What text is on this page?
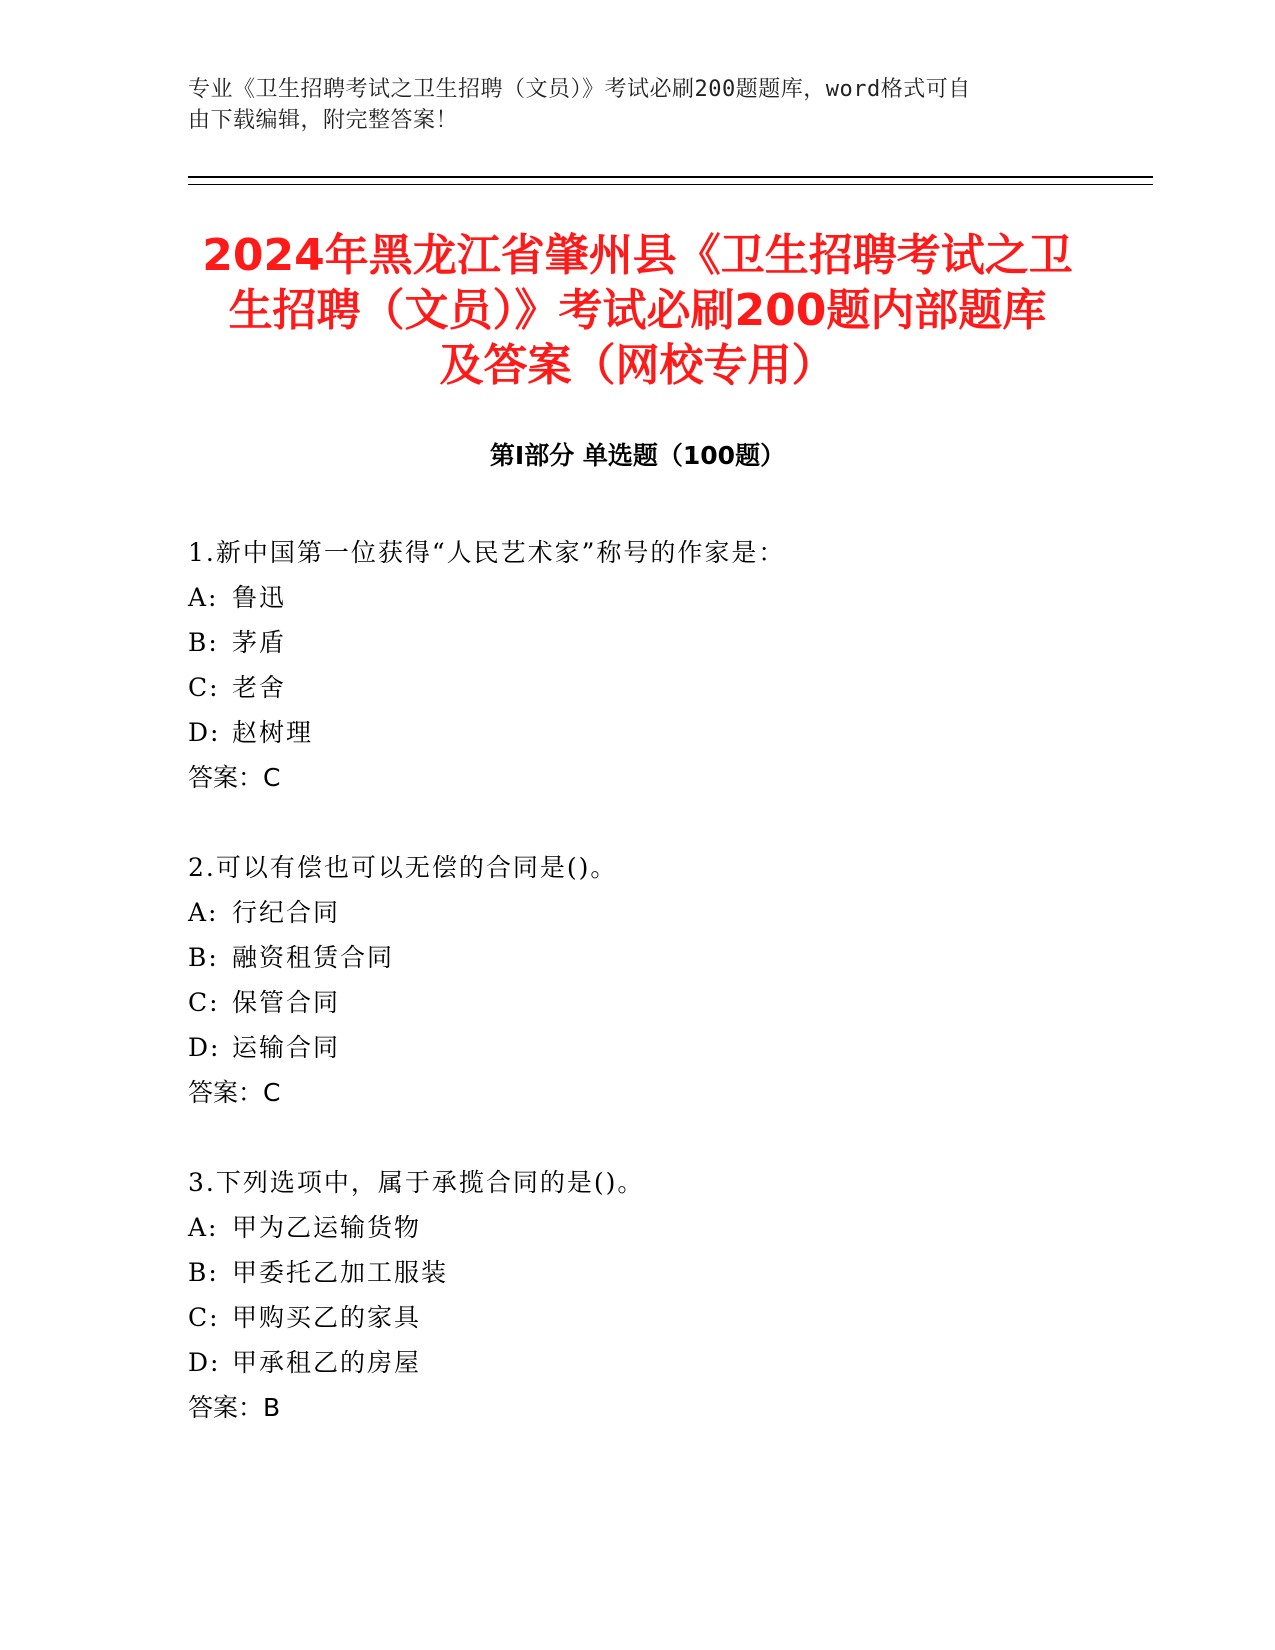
专业《卫生招聘考试之卫生招聘（文员）》考试必刷200题题库，word格式可自
由下载编辑，附完整答案！
2024年黑龙江省肇州县《卫生招聘考试之卫
生招聘（文员）》考试必刷200题内部题库
及答案（网校专用）
第Ⅰ部分 单选题（100题）
1.新中国第一位获得“人民艺术家”称号的作家是：
A: 鲁迅
B: 茅盾
C: 老舍
D: 赵树理
答案：C
2.可以有偿也可以无偿的合同是()。
A: 行纪合同
B: 融资租赁合同
C: 保管合同
D: 运输合同
答案：C
3.下列选项中，属于承揽合同的是()。
A: 甲为乙运输货物
B: 甲委托乙加工服装
C: 甲购买乙的家具
D: 甲承租乙的房屋
答案：B
